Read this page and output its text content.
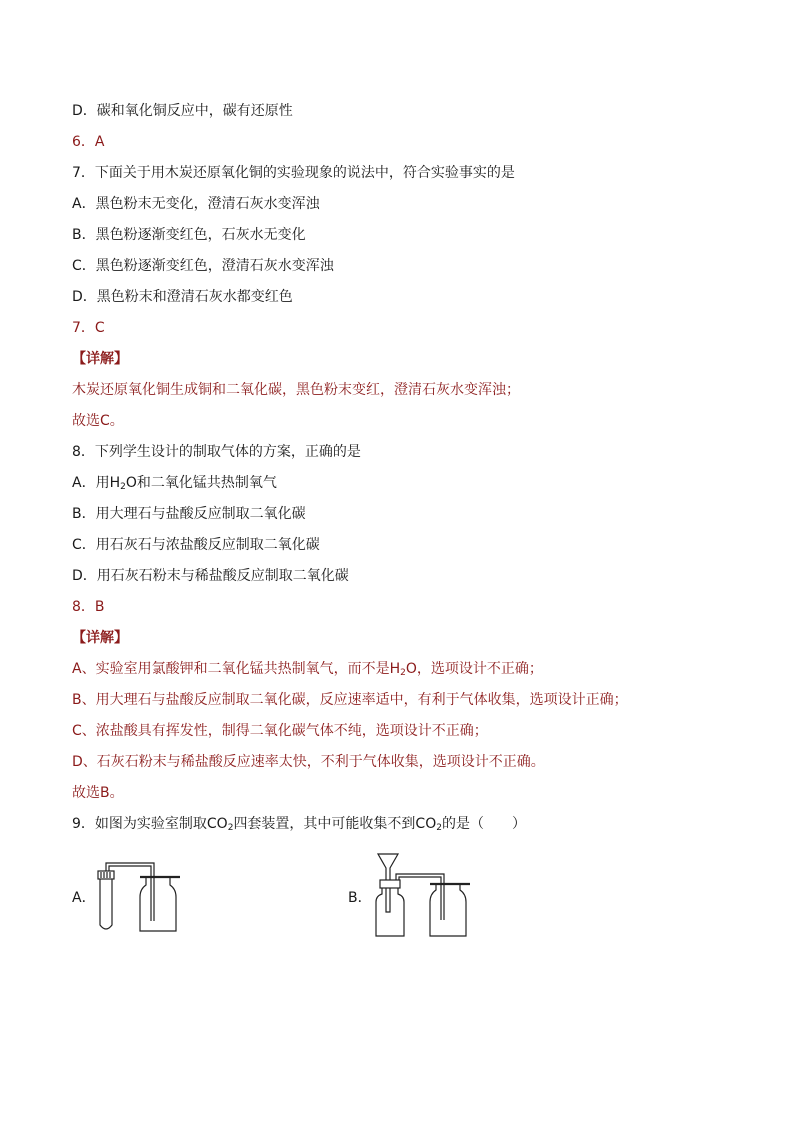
D．碳和氧化铜反应中，碳有还原性
6．A
7．下面关于用木炭还原氧化铜的实验现象的说法中，符合实验事实的是
A．黑色粉末无变化，澄清石灰水变浑浊
B．黑色粉逐渐变红色，石灰水无变化
C．黑色粉逐渐变红色，澄清石灰水变浑浊
D．黑色粉末和澄清石灰水都变红色
7．C
【详解】
木炭还原氧化铜生成铜和二氧化碳，黑色粉末变红，澄清石灰水变浑浊；
故选C。
8．下列学生设计的制取气体的方案，正确的是
A．用$H_2O$和二氧化锰共热制氧气
B．用大理石与盐酸反应制取二氧化碳
C．用石灰石与浓盐酸反应制取二氧化碳
D．用石灰石粉末与稀盐酸反应制取二氧化碳
8．B
【详解】
A、实验室用氯酸钾和二氧化锰共热制氧气，而不是$H_2O$，选项设计不正确；
B、用大理石与盐酸反应制取二氧化碳，反应速率适中，有利于气体收集，选项设计正确；
C、浓盐酸具有挥发性，制得二氧化碳气体不纯，选项设计不正确；
D、石灰石粉末与稀盐酸反应速率太快，不利于气体收集，选项设计不正确。
故选B。
9．如图为实验室制取$CO_2$四套装置，其中可能收集不到$CO_2$的是（　　）
A．	B．
